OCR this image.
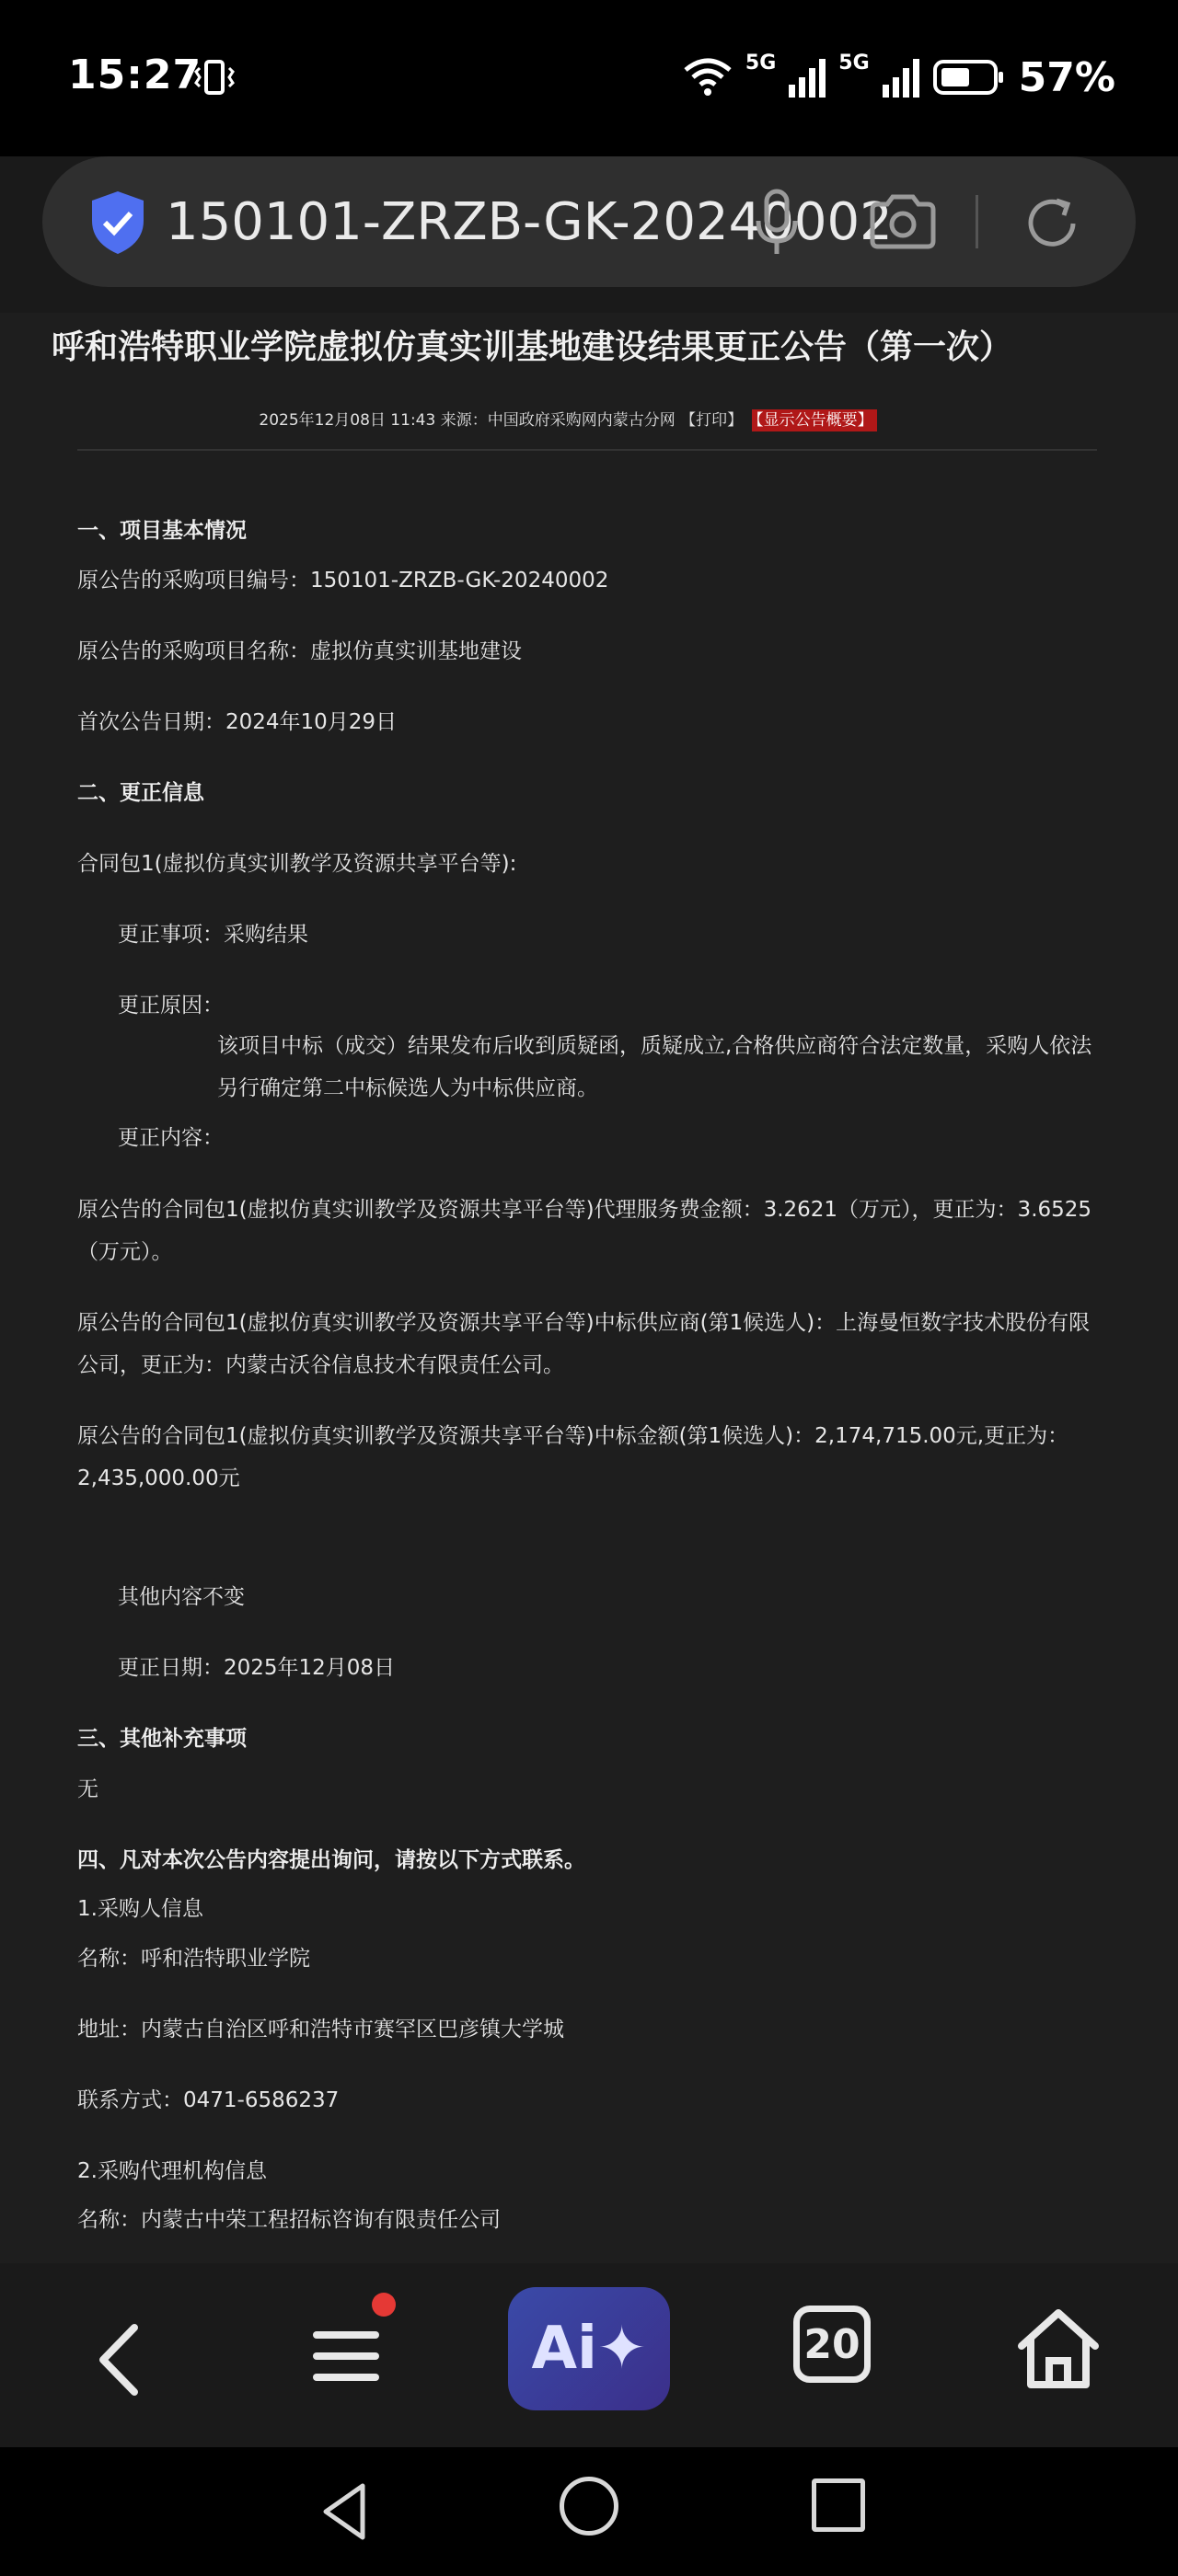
15:27	5G	5G	57%
150101-ZRZB-GK-20240002
呼和浩特职业学院虚拟仿真实训基地建设结果更正公告（第一次）
2025年12月08日 11:43 来源：中国政府采购网内蒙古分网 【打印】 【显示公告概要】
一、项目基本情况
原公告的采购项目编号：150101-ZRZB-GK-20240002
原公告的采购项目名称：虚拟仿真实训基地建设
首次公告日期：2024年10月29日
二、更正信息
合同包1(虚拟仿真实训教学及资源共享平台等):
更正事项：采购结果
更正原因：
该项目中标（成交）结果发布后收到质疑函，质疑成立,合格供应商符合法定数量，采购人依法另行确定第二中标候选人为中标供应商。
更正内容：
原公告的合同包1(虚拟仿真实训教学及资源共享平台等)代理服务费金额：3.2621（万元），更正为：3.6525（万元）。
原公告的合同包1(虚拟仿真实训教学及资源共享平台等)中标供应商(第1候选人)：上海曼恒数字技术股份有限公司，更正为：内蒙古沃谷信息技术有限责任公司。
原公告的合同包1(虚拟仿真实训教学及资源共享平台等)中标金额(第1候选人)：2,174,715.00元,更正为：2,435,000.00元
其他内容不变
更正日期：2025年12月08日
三、其他补充事项
无
四、凡对本次公告内容提出询问，请按以下方式联系。
1.采购人信息
名称：呼和浩特职业学院
地址：内蒙古自治区呼和浩特市赛罕区巴彦镇大学城
联系方式：0471-6586237
2.采购代理机构信息
名称：内蒙古中荣工程招标咨询有限责任公司
Ai✦	20
